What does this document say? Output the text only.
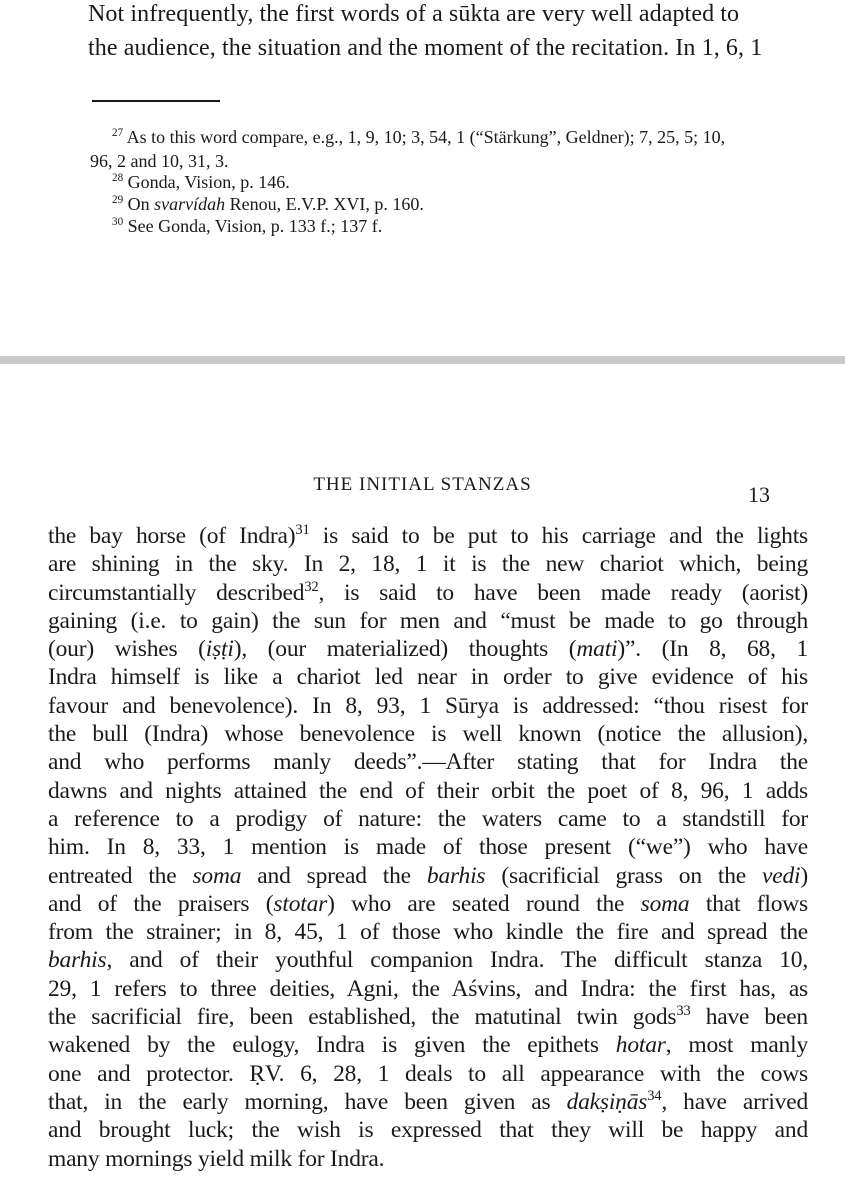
Not infrequently, the first words of a sūkta are very well adapted to
the audience, the situation and the moment of the recitation. In 1, 6, 1
$^{27}$ As to this word compare, e.g., 1, 9, 10; 3, 54, 1 (“Stärkung”, Geldner); 7, 25, 5; 10,
96, 2 and 10, 31, 3.
$^{28}$ Gonda, Vision, p. 146.
$^{29}$ On svarvídah Renou, E.V.P. XVI, p. 160.
$^{30}$ See Gonda, Vision, p. 133 f.; 137 f.
THE INITIAL STANZAS	13
the bay horse (of Indra)$^{31}$ is said to be put to his carriage and the lights
are shining in the sky. In 2, 18, 1 it is the new chariot which, being
circumstantially described$^{32}$, is said to have been made ready (aorist)
gaining (i.e. to gain) the sun for men and “must be made to go through
(our) wishes (iṣṭi), (our materialized) thoughts (mati)”. (In 8, 68, 1
Indra himself is like a chariot led near in order to give evidence of his
favour and benevolence). In 8, 93, 1 Sūrya is addressed: “thou risest for
the bull (Indra) whose benevolence is well known (notice the allusion),
and who performs manly deeds”.—After stating that for Indra the
dawns and nights attained the end of their orbit the poet of 8, 96, 1 adds
a reference to a prodigy of nature: the waters came to a standstill for
him. In 8, 33, 1 mention is made of those present (“we”) who have
entreated the soma and spread the barhis (sacrificial grass on the vedi)
and of the praisers (stotar) who are seated round the soma that flows
from the strainer; in 8, 45, 1 of those who kindle the fire and spread the
barhis, and of their youthful companion Indra. The difficult stanza 10,
29, 1 refers to three deities, Agni, the Aśvins, and Indra: the first has, as
the sacrificial fire, been established, the matutinal twin gods$^{33}$ have been
wakened by the eulogy, Indra is given the epithets hotar, most manly
one and protector. ṚV. 6, 28, 1 deals to all appearance with the cows
that, in the early morning, have been given as dakṣiṇās$^{34}$, have arrived
and brought luck; the wish is expressed that they will be happy and
many mornings yield milk for Indra.
